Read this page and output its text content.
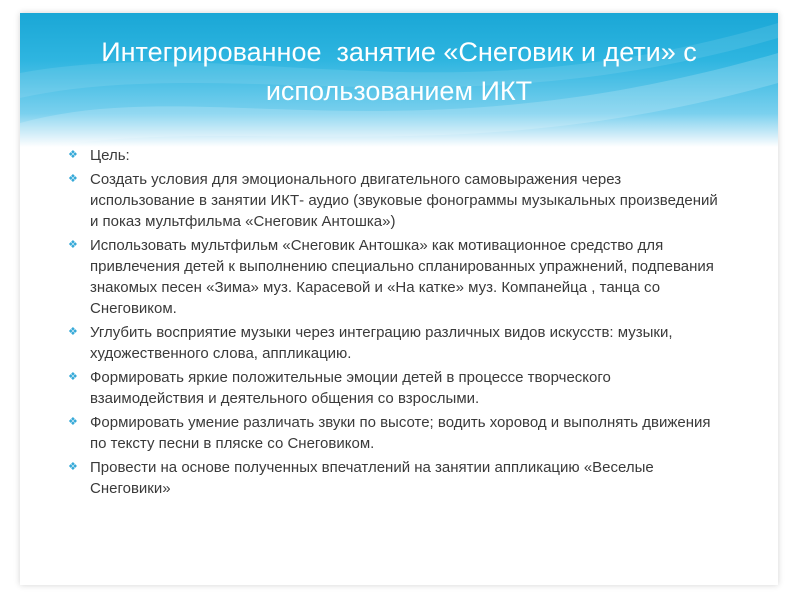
Интегрированное  занятие «Снеговик и дети» с использованием ИКТ
❖ Цель:
❖ Создать условия для эмоционального двигательного самовыражения через использование в занятии ИКТ- аудио (звуковые фонограммы музыкальных произведений и показ мультфильма «Снеговик Антошка»)
❖ Использовать мультфильм «Снеговик Антошка» как мотивационное средство для привлечения детей к выполнению специально спланированных упражнений, подпевания знакомых песен «Зима» муз. Карасевой и «На катке» муз. Компанейца , танца со Снеговиком.
❖ Углубить восприятие музыки через интеграцию различных видов искусств: музыки, художественного слова, аппликацию.
❖ Формировать яркие положительные эмоции детей в процессе творческого взаимодействия и деятельного общения со взрослыми.
❖ Формировать умение различать звуки по высоте; водить хоровод и выполнять движения по тексту песни в пляске со Снеговиком.
❖ Провести на основе полученных впечатлений на занятии аппликацию «Веселые Снеговики»
